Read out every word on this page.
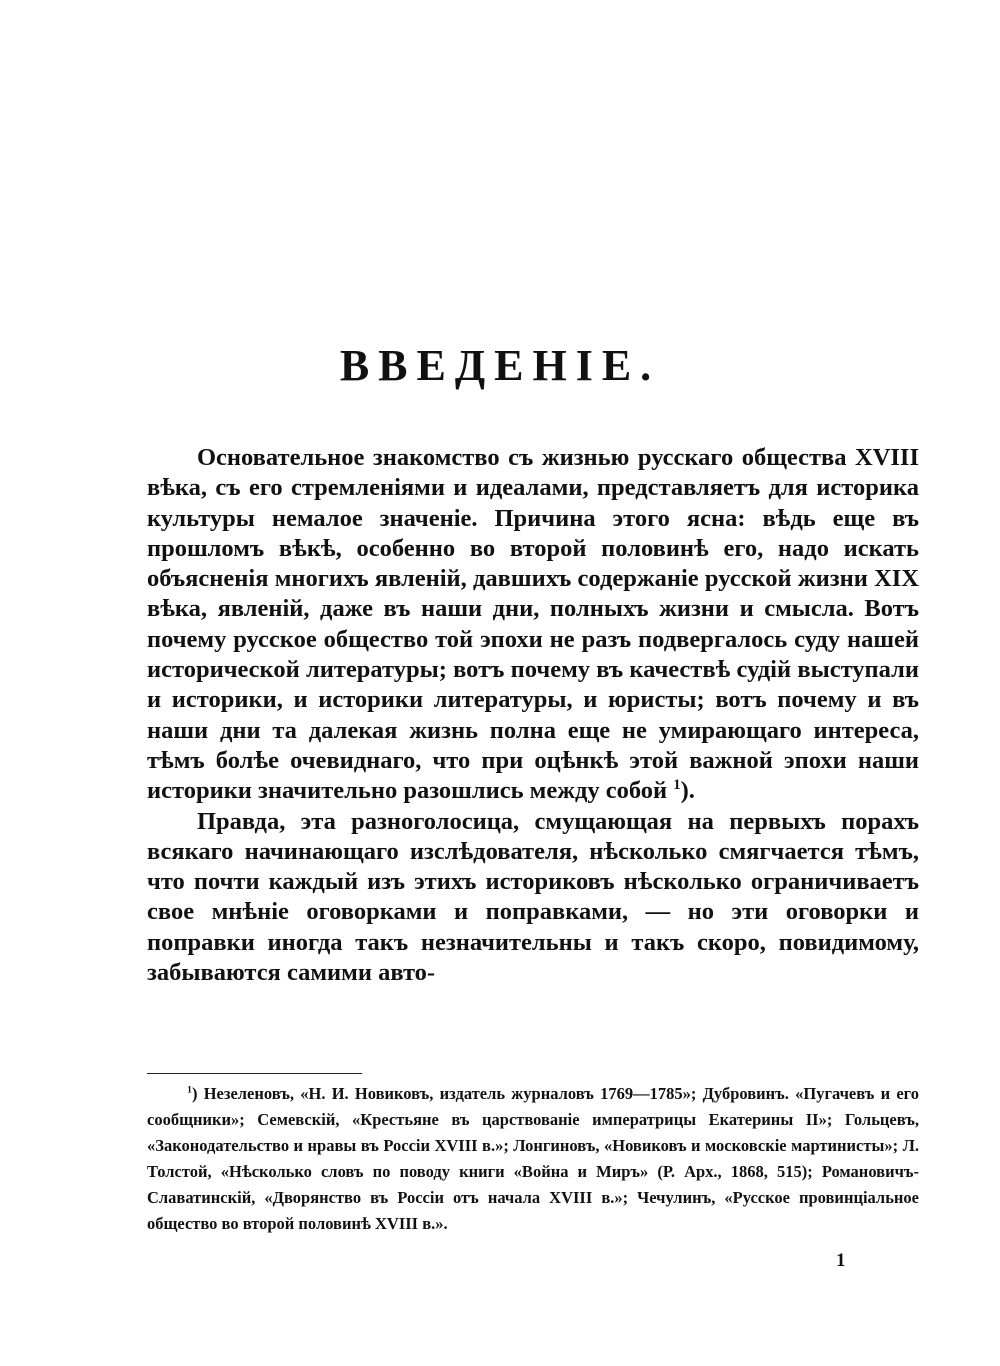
ВВЕДЕНІЕ.

Основательное знакомство съ жизнью русскаго общества XVIII вѣка, съ его стремленіями и идеалами, представляетъ для историка культуры немалое значеніе. Причина этого ясна: вѣдь еще въ прошломъ вѣкѣ, особенно во второй половинѣ его, надо искать объясненія многихъ явленій, давшихъ содержаніе русской жизни XIX вѣка, явленій, даже въ наши дни, полныхъ жизни и смысла. Вотъ почему русское общество той эпохи не разъ подвергалось суду нашей исторической литературы; вотъ почему въ качествѣ судій выступали и историки, и историки литературы, и юристы; вотъ почему и въ наши дни та далекая жизнь полна еще не умирающаго интереса, тѣмъ болѣе очевиднаго, что при оцѣнкѣ этой важной эпохи наши историки значительно разошлись между собой $^1$).

Правда, эта разноголосица, смущающая на первыхъ порахъ всякаго начинающаго изслѣдователя, нѣсколько смягчается тѣмъ, что почти каждый изъ этихъ историковъ нѣсколько ограничиваетъ свое мнѣніе оговорками и поправками, — но эти оговорки и поправки иногда такъ незначительны и такъ скоро, повидимому, забываются самими авто-

$^1$) Незеленовъ, «Н. И. Новиковъ, издатель журналовъ 1769—1785»; Дубровинъ. «Пугачевъ и его сообщники»; Семевскій, «Крестьяне въ царствованіе императрицы Екатерины II»; Гольцевъ, «Законодательство и нравы въ Россіи XVIII в.»; Лонгиновъ, «Новиковъ и московскіе мартинисты»; Л. Толстой, «Нѣсколько словъ по поводу книги «Война и Миръ» (Р. Арх., 1868, 515); Романовичъ-Славатинскій, «Дворянство въ Россіи отъ начала XVIII в.»; Чечулинъ, «Русское провинціальное общество во второй половинѣ XVIII в.».

1
